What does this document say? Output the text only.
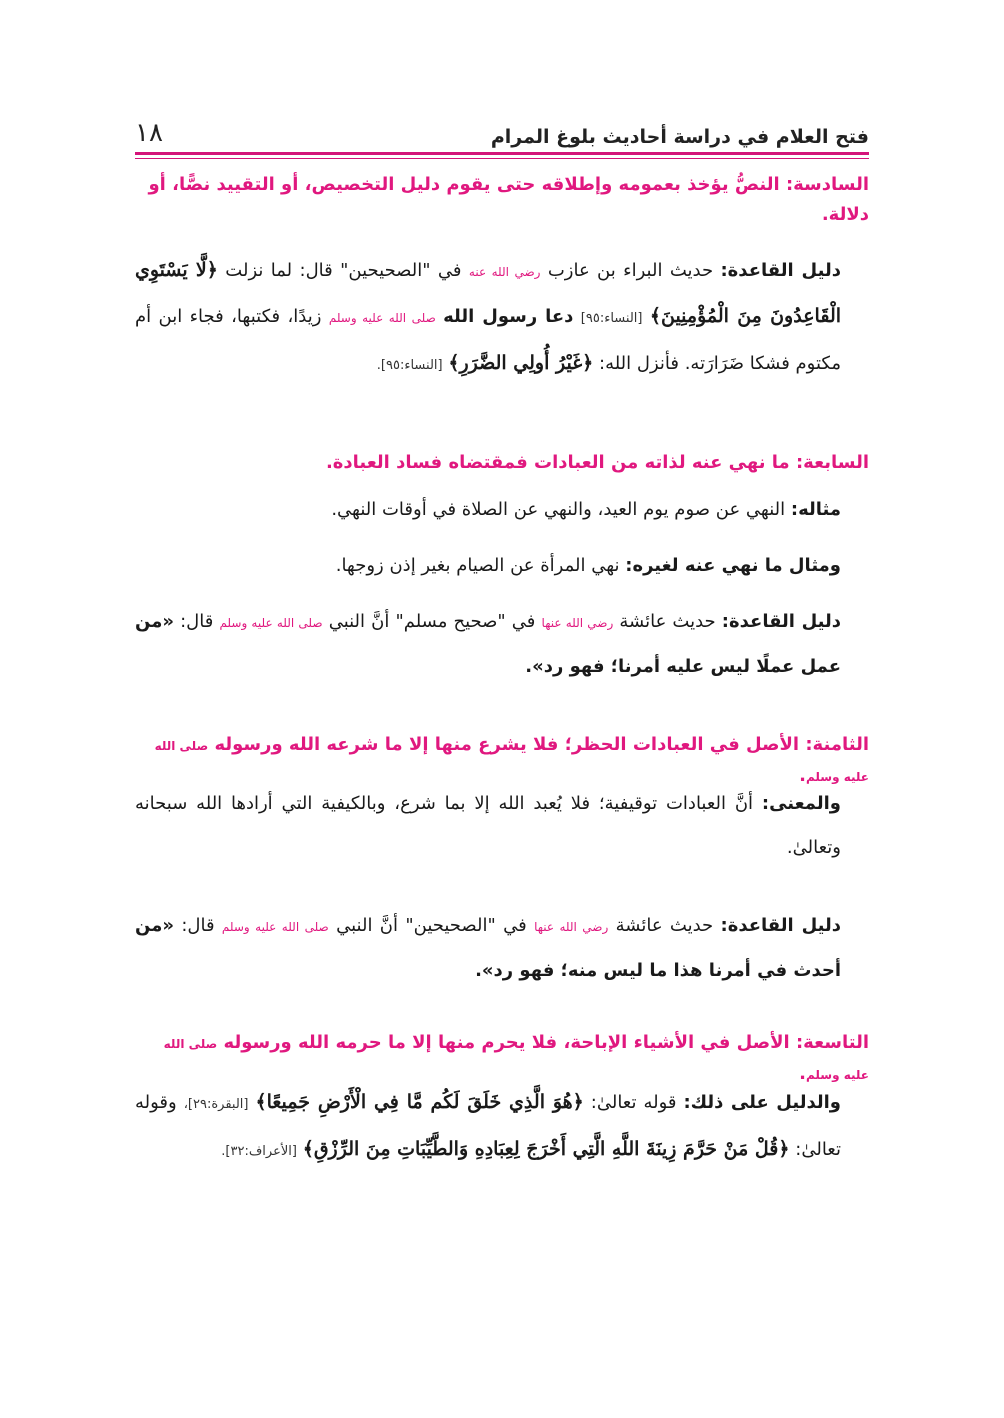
فتح العلام في دراسة أحاديث بلوغ المرام
١٨

السادسة: النصُّ يؤخذ بعمومه وإطلاقه حتى يقوم دليل التخصيص، أو التقييد نصًّا، أو دلالة.

دليل القاعدة: حديث البراء بن عازب رضي الله عنه في "الصحيحين" قال: لما نزلت ﴿لَّا يَسْتَوِي الْقَاعِدُونَ مِنَ الْمُؤْمِنِينَ﴾ [النساء:٩٥] دعا رسول الله صلى الله عليه وسلم زيدًا، فكتبها، فجاء ابن أم مكتوم فشكا ضَرَارَته. فأنزل الله: ﴿غَيْرُ أُولِي الضَّرَرِ﴾ [النساء:٩٥].

السابعة: ما نهي عنه لذاته من العبادات فمقتضاه فساد العبادة.

مثاله: النهي عن صوم يوم العيد، والنهي عن الصلاة في أوقات النهي.

ومثال ما نهي عنه لغيره: نهي المرأة عن الصيام بغير إذن زوجها.

دليل القاعدة: حديث عائشة رضي الله عنها في "صحيح مسلم" أنَّ النبي صلى الله عليه وسلم قال: «من عمل عملًا ليس عليه أمرنا؛ فهو رد».

الثامنة: الأصل في العبادات الحظر؛ فلا يشرع منها إلا ما شرعه الله ورسوله صلى الله عليه وسلم.

والمعنى: أنَّ العبادات توقيفية؛ فلا يُعبد الله إلا بما شرع، وبالكيفية التي أرادها الله سبحانه وتعالىٰ.

دليل القاعدة: حديث عائشة رضي الله عنها في "الصحيحين" أنَّ النبي صلى الله عليه وسلم قال: «من أحدث في أمرنا هذا ما ليس منه؛ فهو رد».

التاسعة: الأصل في الأشياء الإباحة، فلا يحرم منها إلا ما حرمه الله ورسوله صلى الله عليه وسلم.

والدليل على ذلك: قوله تعالىٰ: ﴿هُوَ الَّذِي خَلَقَ لَكُم مَّا فِي الْأَرْضِ جَمِيعًا﴾ [البقرة:٢٩]، وقوله تعالىٰ: ﴿قُلْ مَنْ حَرَّمَ زِينَةَ اللَّهِ الَّتِي أَخْرَجَ لِعِبَادِهِ وَالطَّيِّبَاتِ مِنَ الرِّزْقِ﴾ [الأعراف:٣٢].
